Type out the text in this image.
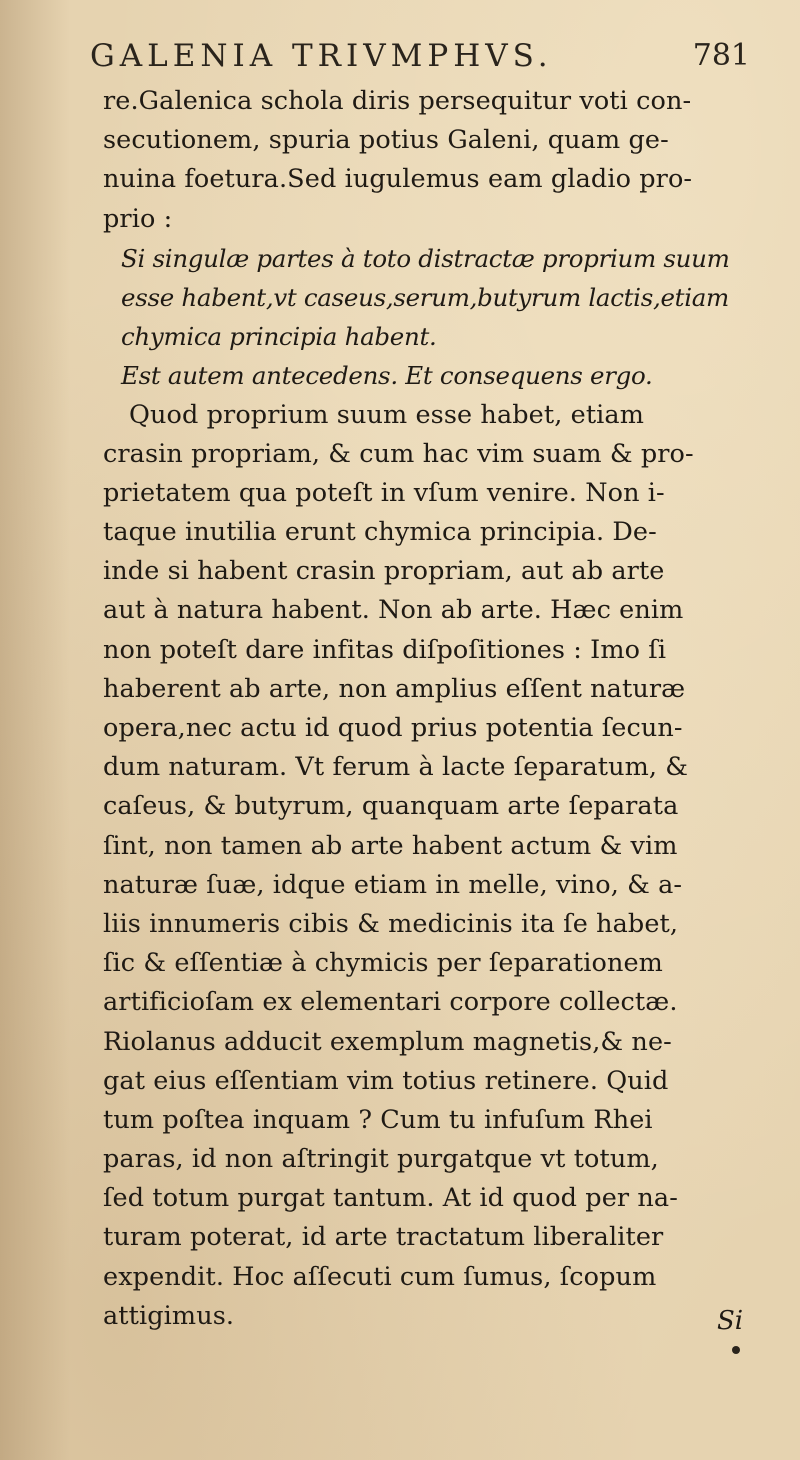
GALENIA TRIVMPHVS.	781
re.Galenica schola diris persequitur voti con-
secutionem, spuria potius Galeni, quam ge-
nuina foetura.Sed iugulemus eam gladio pro-
prio :
Si singulæ partes à toto distractæ proprium suum
esse habent,vt caseus,serum,butyrum lactis,etiam
chymica principia habent.
Est autem antecedens. Et consequens ergo.
Quod proprium suum esse habet, etiam
crasin propriam, & cum hac vim suam & pro-
prietatem qua poteſt in vſum venire. Non i-
taque inutilia erunt chymica principia. De-
inde si habent crasin propriam, aut ab arte
aut à natura habent. Non ab arte. Hæc enim
non poteſt dare infitas diſpoſitiones : Imo ſi
haberent ab arte, non amplius eſſent naturæ
opera,nec actu id quod prius potentia ſecun-
dum naturam. Vt ferum à lacte ſeparatum, &
caſeus, & butyrum, quanquam arte ſeparata
ſint, non tamen ab arte habent actum & vim
naturæ ſuæ, idque etiam in melle, vino, & a-
liis innumeris cibis & medicinis ita ſe habet,
ſic & eſſentiæ à chymicis per ſeparationem
artificioſam ex elementari corpore collectæ.
Riolanus adducit exemplum magnetis,& ne-
gat eius eſſentiam vim totius retinere. Quid
tum poſtea inquam ? Cum tu infuſum Rhei
paras, id non aſtringit purgatque vt totum,
ſed totum purgat tantum. At id quod per na-
turam poterat, id arte tractatum liberaliter
expendit. Hoc aſſecuti cum ſumus, ſcopum
attigimus.	Si
